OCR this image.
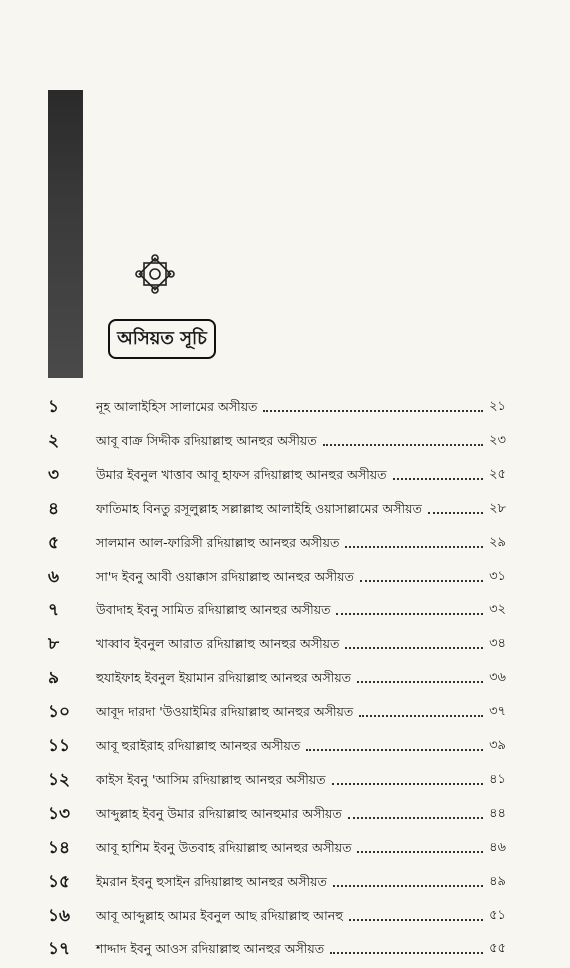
অসিয়ত সূচি
১	নূহ আলাইহিস সালামের অসীয়ত	২১
২	আবূ বাক্র সিদ্দীক রদিয়াল্লাহু আনহুর অসীয়ত	২৩
৩	উমার ইবনুল খাত্তাব আবূ হাফস রদিয়াল্লাহু আনহুর অসীয়ত	২৫
৪	ফাতিমাহ বিনতু রসূলুল্লাহ সল্লাল্লাহু আলাইহি ওয়াসাল্লামের অসীয়ত	২৮
৫	সালমান আল-ফারিসী রদিয়াল্লাহু আনহুর অসীয়ত	২৯
৬	সা'দ ইবনু আবী ওয়াক্কাস রদিয়াল্লাহু আনহুর অসীয়ত	৩১
৭	উবাদাহ ইবনু সামিত রদিয়াল্লাহু আনহুর অসীয়ত	৩২
৮	খাব্বাব ইবনুল আরাত রদিয়াল্লাহু আনহুর অসীয়ত	৩৪
৯	হুযাইফাহ ইবনুল ইয়ামান রদিয়াল্লাহু আনহুর অসীয়ত	৩৬
১০	আবূদ দারদা 'উওয়াইমির রদিয়াল্লাহু আনহুর অসীয়ত	৩৭
১১	আবূ হুরাইরাহ রদিয়াল্লাহু আনহুর অসীয়ত	৩৯
১২	কাইস ইবনু 'আসিম রদিয়াল্লাহু আনহুর অসীয়ত	৪১
১৩	আব্দুল্লাহ ইবনু উমার রদিয়াল্লাহু আনহুমার অসীয়ত	৪৪
১৪	আবূ হাশিম ইবনু উতবাহ রদিয়াল্লাহু আনহুর অসীয়ত	৪৬
১৫	ইমরান ইবনু হুসাইন রদিয়াল্লাহু আনহুর অসীয়ত	৪৯
১৬	আবূ আব্দুল্লাহ আমর ইবনুল আছ রদিয়াল্লাহু আনহু	৫১
১৭	শাদ্দাদ ইবনু আওস রদিয়াল্লাহু আনহুর অসীয়ত	৫৫
